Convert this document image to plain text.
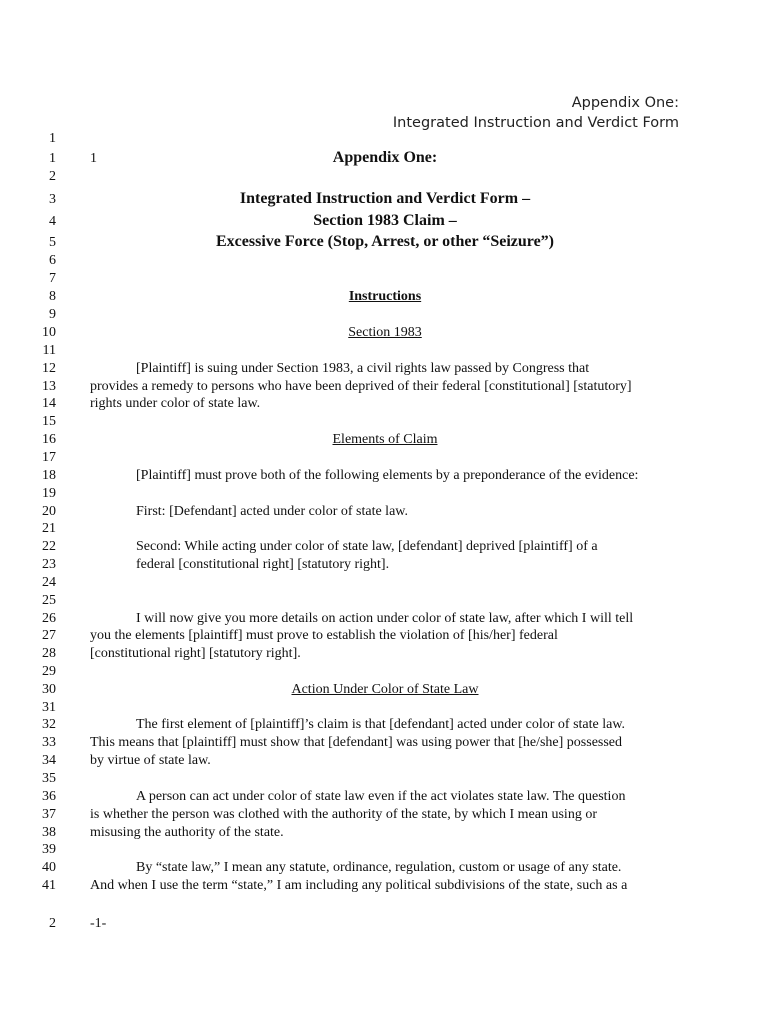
Appendix One:
Integrated Instruction and Verdict Form
1
1
2
3
4
5
6
7
8
9
10
11
12
13
14
15
16
17
18
19
20
21
22
23
24
25
26
27
28
29
30
31
32
33
34
35
36
37
38
39
40
41
2
1	Appendix One:
Integrated Instruction and Verdict Form –
Section 1983 Claim –
Excessive Force (Stop, Arrest, or other “Seizure”)
Instructions
Section 1983
[Plaintiff] is suing under Section 1983, a civil rights law passed by Congress that
provides a remedy to persons who have been deprived of their federal [constitutional] [statutory]
rights under color of state law.
Elements of Claim
[Plaintiff] must prove both of the following elements by a preponderance of the evidence:
First: [Defendant] acted under color of state law.
Second: While acting under color of state law, [defendant] deprived [plaintiff] of a
federal [constitutional right] [statutory right].
I will now give you more details on action under color of state law, after which I will tell
you the elements [plaintiff] must prove to establish the violation of [his/her] federal
[constitutional right] [statutory right].
Action Under Color of State Law
The first element of [plaintiff]’s claim is that [defendant] acted under color of state law.
This means that [plaintiff] must show that [defendant] was using power that [he/she] possessed
by virtue of state law.
A person can act under color of state law even if the act violates state law. The question
is whether the person was clothed with the authority of the state, by which I mean using or
misusing the authority of the state.
By “state law,” I mean any statute, ordinance, regulation, custom or usage of any state.
And when I use the term “state,” I am including any political subdivisions of the state, such as a
-1-
